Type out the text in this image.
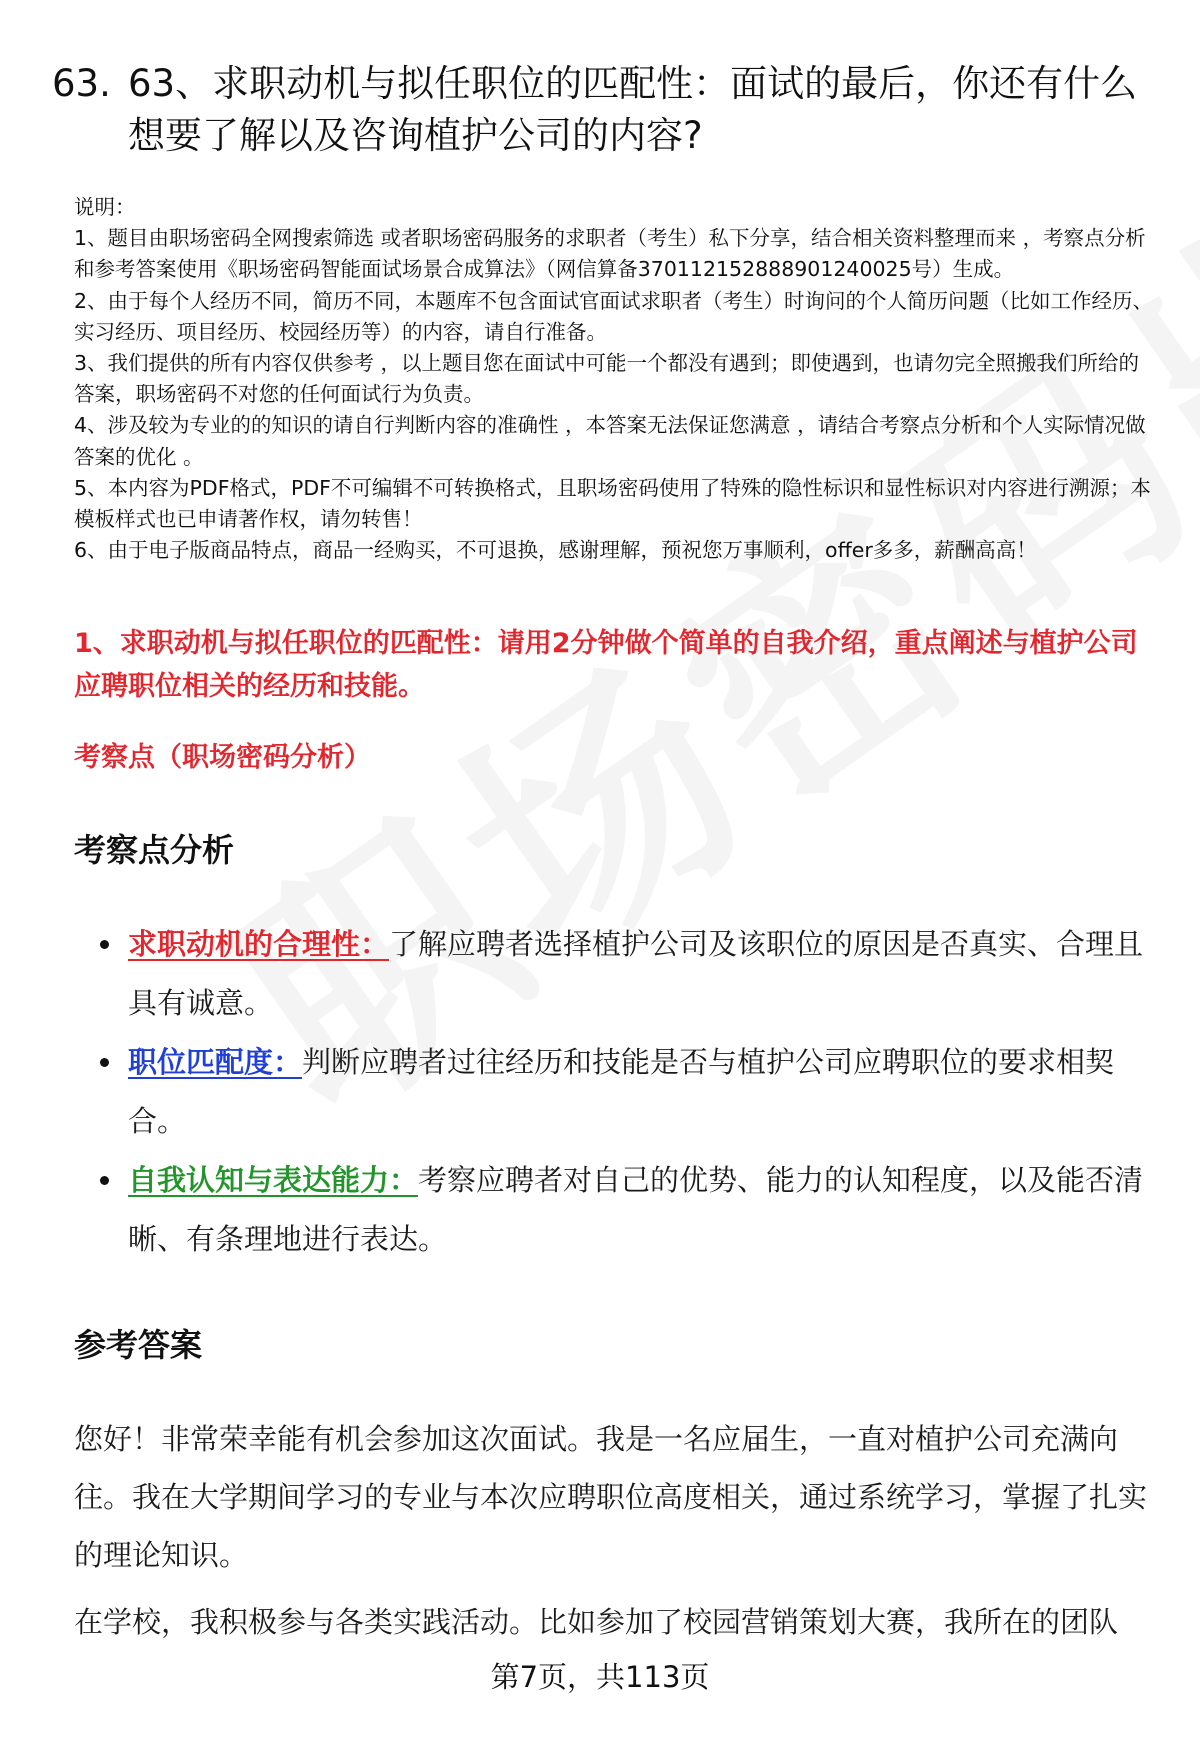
63. 63、求职动机与拟任职位的匹配性：面试的最后，你还有什么想要了解以及咨询植护公司的内容?

说明：

1、题目由职场密码全网搜索筛选 或者职场密码服务的求职者（考生）私下分享，结合相关资料整理而来 ，考察点分析和参考答案使用《职场密码智能面试场景合成算法》（网信算备370112152888901240025号）生成。

2、由于每个人经历不同，简历不同，本题库不包含面试官面试求职者（考生）时询问的个人简历问题（比如工作经历、实习经历、项目经历、校园经历等）的内容，请自行准备。

3、我们提供的所有内容仅供参考 ，以上题目您在面试中可能一个都没有遇到；即使遇到，也请勿完全照搬我们所给的答案，职场密码不对您的任何面试行为负责。

4、涉及较为专业的的知识的请自行判断内容的准确性 ，本答案无法保证您满意 ，请结合考察点分析和个人实际情况做答案的优化 。

5、本内容为PDF格式，PDF不可编辑不可转换格式，且职场密码使用了特殊的隐性标识和显性标识对内容进行溯源；本模板样式也已申请著作权，请勿转售！

6、由于电子版商品特点，商品一经购买，不可退换，感谢理解，预祝您万事顺利，offer多多，薪酬高高！

1、求职动机与拟任职位的匹配性：请用2分钟做个简单的自我介绍，重点阐述与植护公司应聘职位相关的经历和技能。
考察点（职场密码分析）
考察点分析
求职动机的合理性：了解应聘者选择植护公司及该职位的原因是否真实、合理且具有诚意。
职位匹配度：判断应聘者过往经历和技能是否与植护公司应聘职位的要求相契合。
自我认知与表达能力：考察应聘者对自己的优势、能力的认知程度，以及能否清晰、有条理地进行表达。
参考答案

您好！非常荣幸能有机会参加这次面试。我是一名应届生，一直对植护公司充满向往。我在大学期间学习的专业与本次应聘职位高度相关，通过系统学习，掌握了扎实的理论知识。

在学校，我积极参与各类实践活动。比如参加了校园营销策划大赛，我所在的团队

第7页，共113页
